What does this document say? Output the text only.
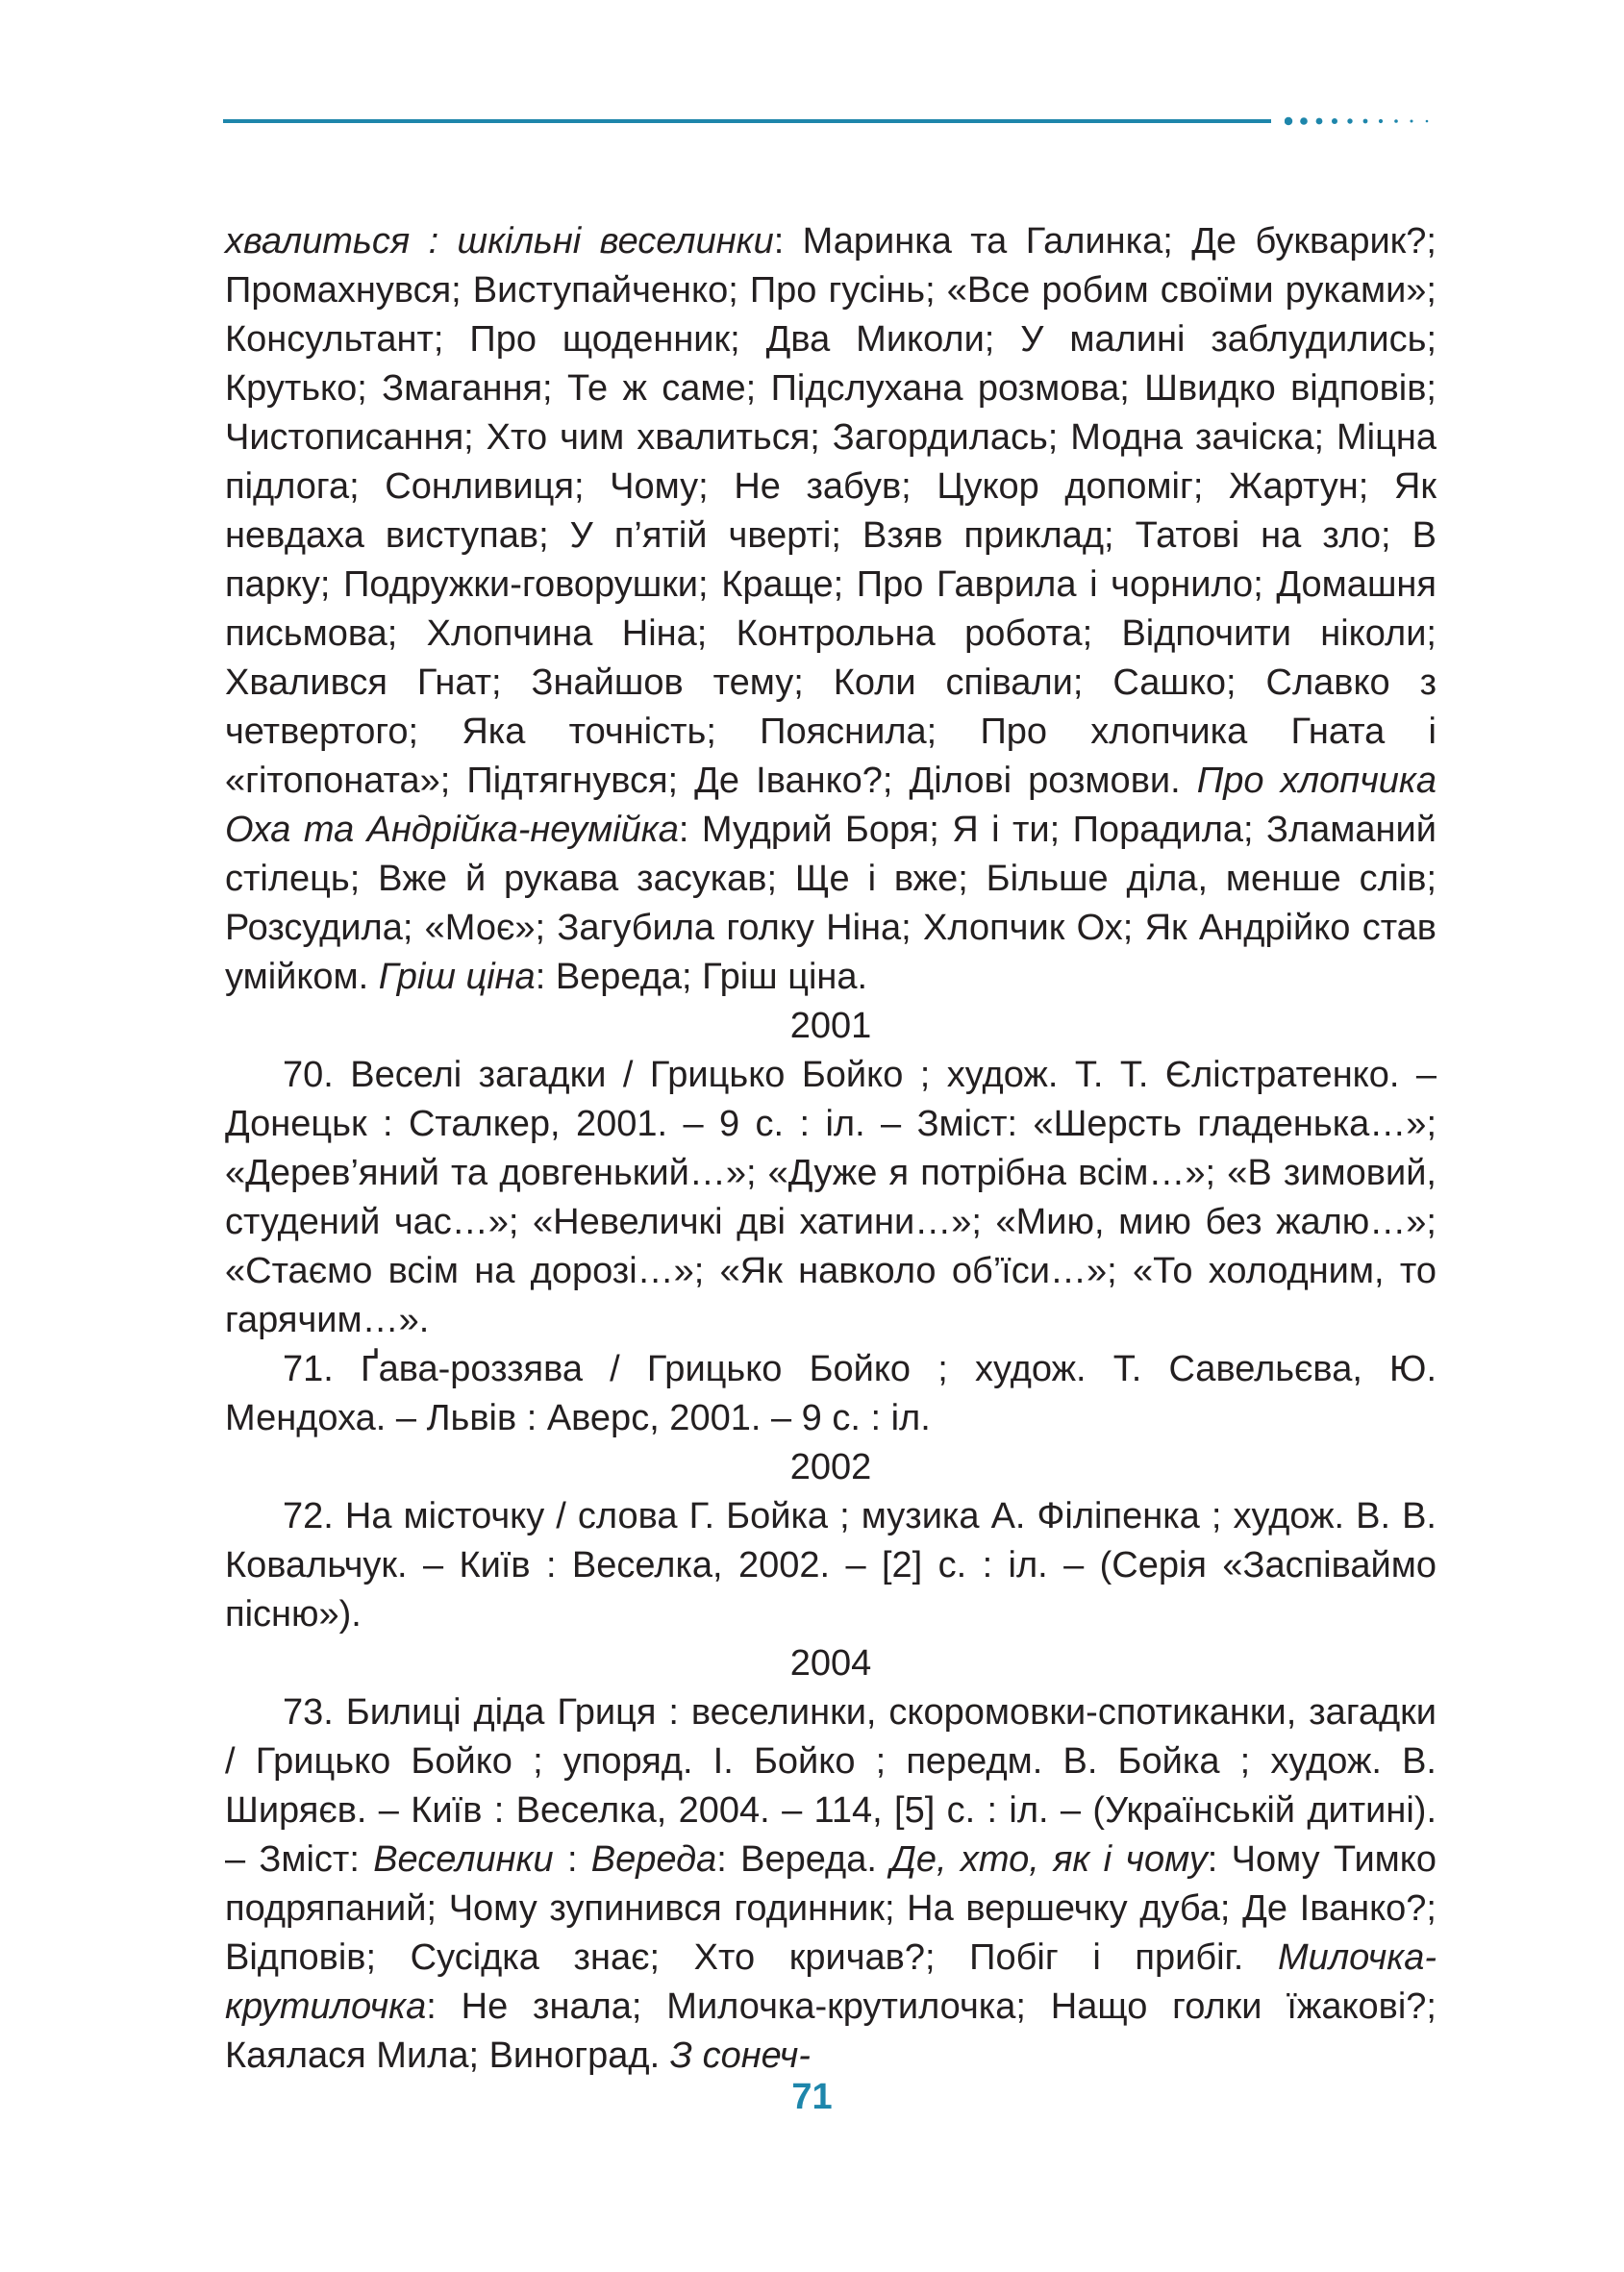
хвалиться : шкільні веселинки: Маринка та Галинка; Де буквaрик?; Промахнувся; Виступайченко; Про гусінь; «Все робим своїми руками»; Консультант; Про щоденник; Два Миколи; У малині заблудились; Крутько; Змагання; Те ж саме; Підслухана розмова; Швидко відповів; Чистописання; Хто чим хвалиться; Загордилась; Модна зачіска; Міцна підлога; Сонливиця; Чому; Не забув; Цукор допоміг; Жартун; Як невдаха виступав; У п’ятій чверті; Взяв приклад; Татові на зло; В парку; Подружки-говорушки; Краще; Про Гаврила і чорнило; Домашня письмова; Хлопчина Ніна; Контрольна робота; Відпочити ніколи; Хвалився Гнат; Знайшов тему; Коли співали; Сашко; Славко з четвертого; Яка точність; Пояснила; Про хлопчика Гната і «гітопоната»; Підтягнувся; Де Іванко?; Ділові розмови. Про хлопчика Оха та Андрійка-неумійка: Мудрий Боря; Я і ти; Порадила; Зламаний стілець; Вже й рукава засукав; Ще і вже; Більше діла, менше слів; Розсудила; «Моє»; Загубила голку Ніна; Хлопчик Ох; Як Андрійко став умійком. Гріш ціна: Вереда; Гріш ціна.

2001

70. Веселі загадки / Грицько Бойко ; худож. Т. Т. Єлістратенко. – Донецьк : Сталкер, 2001. – 9 с. : іл. – Зміст: «Шерсть гладенька…»; «Дерев’яний та довгенький…»; «Дуже я потрібна всім…»; «В зимовий, студений час…»; «Невеличкі дві хатини…»; «Мию, мию без жалю…»; «Стаємо всім на дорозі…»; «Як навколо об’їси…»; «То холодним, то гарячим…».

71. Ґава-роззява / Грицько Бойко ; худож. Т. Савельєва, Ю. Мендоха. – Львів : Аверс, 2001. – 9 с. : іл.

2002

72. На місточку / слова Г. Бойка ; музика А. Філіпенка ; худож. В. В. Ковальчук. – Київ : Веселка, 2002. – [2] с. : іл. – (Серія «Заспіваймо пісню»).

2004

73. Билиці діда Гриця : веселинки, скоромовки-спотиканки, загадки / Грицько Бойко ; упоряд. І. Бойко ; передм. В. Бойка ; худож. В. Ширяєв. – Київ : Веселка, 2004. – 114, [5] с. : іл. – (Українській дитині). – Зміст: Веселинки : Вереда: Вереда. Де, хто, як і чому: Чому Тимко подряпаний; Чому зупинився годинник; На вершечку дуба; Де Іванко?; Відповів; Сусідка знає; Хто кричав?; Побіг і прибіг. Милочка-крутилочка: Не знала; Милочка-крутилочка; Нащо голки їжакові?; Каялася Мила; Виноград. З сонеч-

71
